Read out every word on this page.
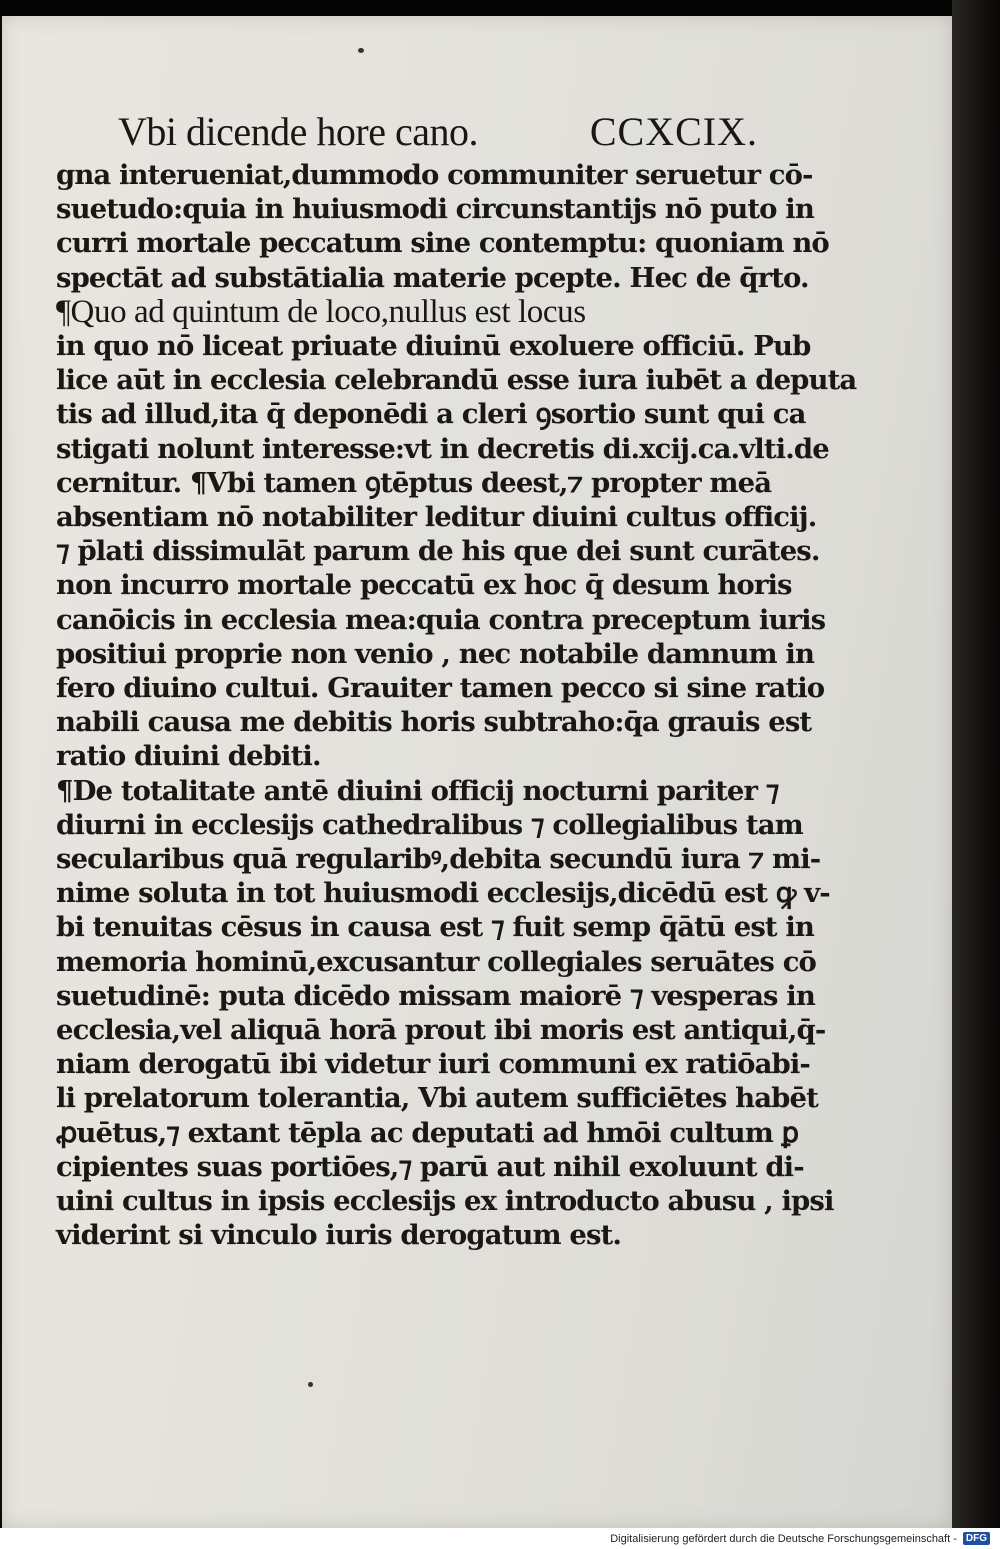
Vbi dicende hore cano.	CCXCIX.
gna interueniat,dummodo communiter seruetur cō-
suetudo:quia in huiusmodi circunstantijs nō puto in
curri mortale peccatum sine contemptu: quoniam nō
spectāt ad substātialia materie pcepte. Hec de q̄rto.
¶Quo ad quintum de loco,nullus est locus
in quo nō liceat priuate diuinū exoluere officiū. Pub
lice aūt in ecclesia celebrandū esse iura iubēt a deputa
tis ad illud,ita q̄ deponēdi a cleri ꝯsortio sunt qui ca
stigati nolunt interesse:vt in decretis di.xcij.ca.vlti.de
cernitur. ¶Vbi tamen ꝯtēptus deest,⁊ propter meā
absentiam nō notabiliter leditur diuini cultus officij.
⁊ p̄lati dissimulāt parum de his que dei sunt curātes.
non incurro mortale peccatū ex hoc q̄ desum horis
canōicis in ecclesia mea:quia contra preceptum iuris
positiui proprie non venio , nec notabile damnum in
fero diuino cultui. Grauiter tamen pecco si sine ratio
nabili causa me debitis horis subtraho:q̄a grauis est
ratio diuini debiti.
¶De totalitate antē diuini officij nocturni pariter ⁊
diurni in ecclesijs cathedralibus ⁊ collegialibus tam
secularibus quā regularibꝰ,debita secundū iura ⁊ mi-
nime soluta in tot huiusmodi ecclesijs,dicēdū est ꝙ v-
bi tenuitas cēsus in causa est ⁊ fuit semp q̄ātū est in
memoria hominū,excusantur collegiales seruātes cō
suetudinē: puta dicēdo missam maiorē ⁊ vesperas in
ecclesia,vel aliquā horā prout ibi moris est antiqui,q̄-
niam derogatū ibi videtur iuri communi ex ratiōabi-
li prelatorum tolerantia, Vbi autem sufficiētes habēt
ꝓuētus,⁊ extant tēpla ac deputati ad hmōi cultum ꝑ
cipientes suas portiōes,⁊ parū aut nihil exoluunt di-
uini cultus in ipsis ecclesijs ex introducto abusu , ipsi
viderint si vinculo iuris derogatum est.
Digitalisierung gefördert durch die Deutsche Forschungsgemeinschaft - DFG
